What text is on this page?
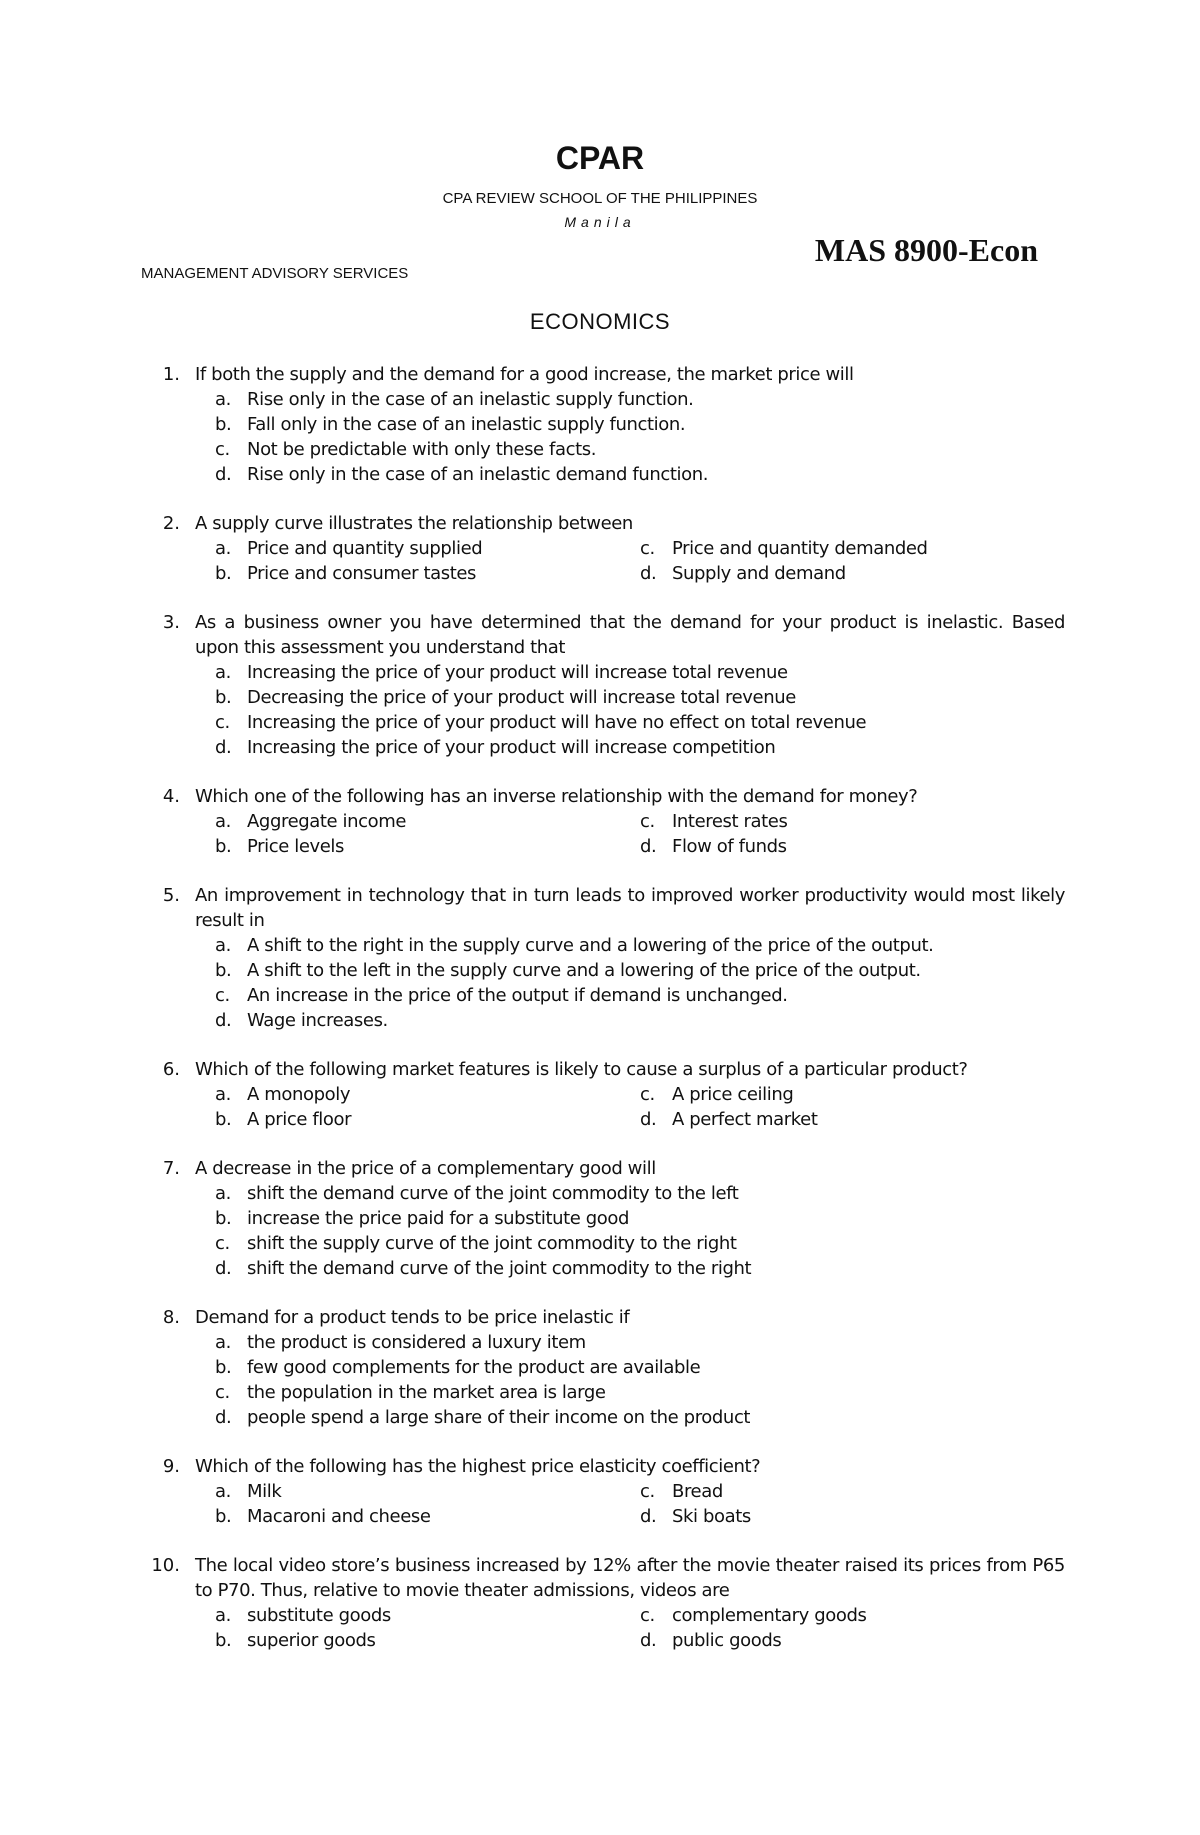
CPAR
CPA REVIEW SCHOOL OF THE PHILIPPINES
Manila
MANAGEMENT ADVISORY SERVICES
MAS 8900-Econ
ECONOMICS
1. If both the supply and the demand for a good increase, the market price will
a. Rise only in the case of an inelastic supply function.
b. Fall only in the case of an inelastic supply function.
c. Not be predictable with only these facts.
d. Rise only in the case of an inelastic demand function.
2. A supply curve illustrates the relationship between
a. Price and quantity supplied	c. Price and quantity demanded
b. Price and consumer tastes	d. Supply and demand
3. As a business owner you have determined that the demand for your product is inelastic. Based upon this assessment you understand that
a. Increasing the price of your product will increase total revenue
b. Decreasing the price of your product will increase total revenue
c. Increasing the price of your product will have no effect on total revenue
d. Increasing the price of your product will increase competition
4. Which one of the following has an inverse relationship with the demand for money?
a. Aggregate income	c. Interest rates
b. Price levels	d. Flow of funds
5. An improvement in technology that in turn leads to improved worker productivity would most likely result in
a. A shift to the right in the supply curve and a lowering of the price of the output.
b. A shift to the left in the supply curve and a lowering of the price of the output.
c. An increase in the price of the output if demand is unchanged.
d. Wage increases.
6. Which of the following market features is likely to cause a surplus of a particular product?
a. A monopoly	c. A price ceiling
b. A price floor	d. A perfect market
7. A decrease in the price of a complementary good will
a. shift the demand curve of the joint commodity to the left
b. increase the price paid for a substitute good
c. shift the supply curve of the joint commodity to the right
d. shift the demand curve of the joint commodity to the right
8. Demand for a product tends to be price inelastic if
a. the product is considered a luxury item
b. few good complements for the product are available
c. the population in the market area is large
d. people spend a large share of their income on the product
9. Which of the following has the highest price elasticity coefficient?
a. Milk	c. Bread
b. Macaroni and cheese	d. Ski boats
10. The local video store’s business increased by 12% after the movie theater raised its prices from P65 to P70. Thus, relative to movie theater admissions, videos are
a. substitute goods	c. complementary goods
b. superior goods	d. public goods
